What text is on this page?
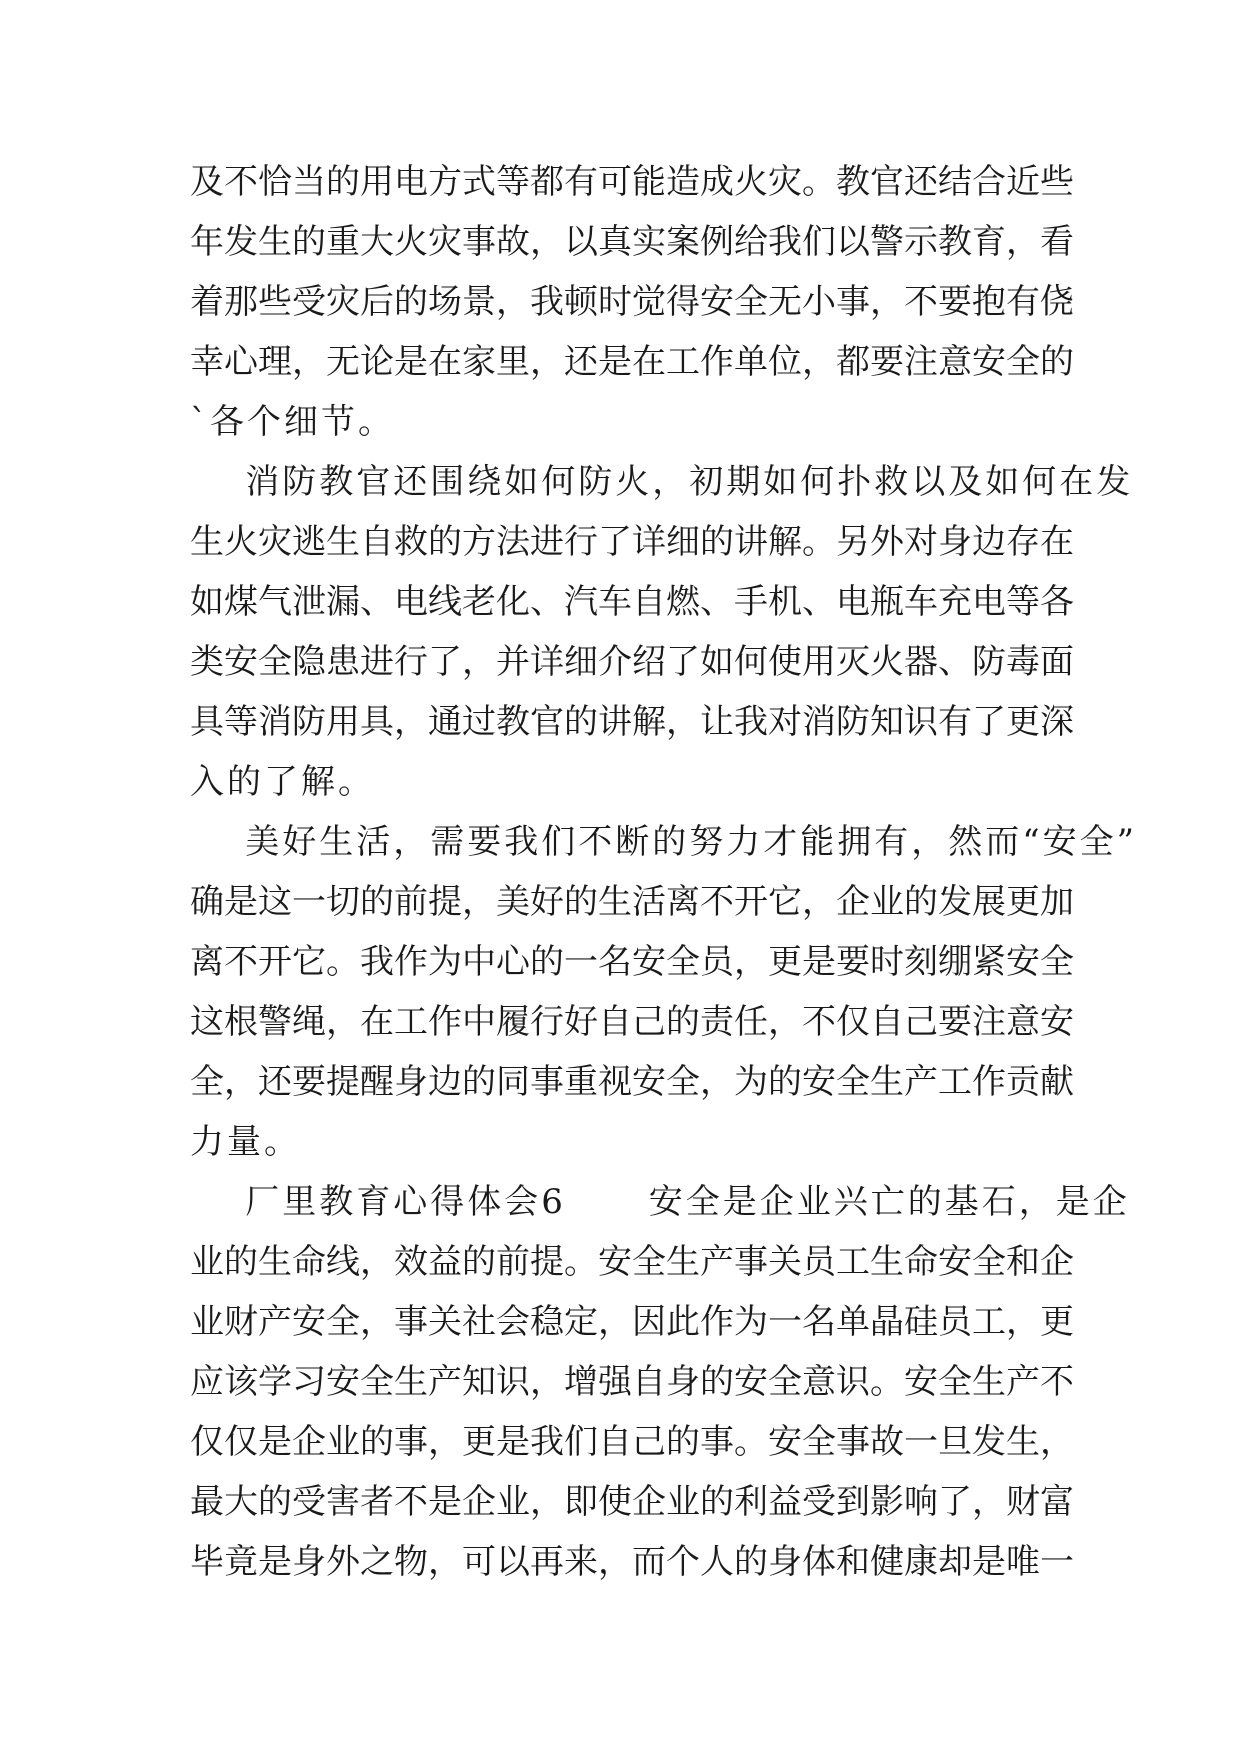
及不恰当的用电方式等都有可能造成火灾。教官还结合近些
年发生的重大火灾事故，以真实案例给我们以警示教育，看
着那些受灾后的场景，我顿时觉得安全无小事，不要抱有侥
幸心理，无论是在家里，还是在工作单位，都要注意安全的
`各个细节。
消防教官还围绕如何防火，初期如何扑救以及如何在发
生火灾逃生自救的方法进行了详细的讲解。另外对身边存在
如煤气泄漏、电线老化、汽车自燃、手机、电瓶车充电等各
类安全隐患进行了，并详细介绍了如何使用灭火器、防毒面
具等消防用具，通过教官的讲解，让我对消防知识有了更深
入的了解。
美好生活，需要我们不断的努力才能拥有，然而“安全”
确是这一切的前提，美好的生活离不开它，企业的发展更加
离不开它。我作为中心的一名安全员，更是要时刻绷紧安全
这根警绳，在工作中履行好自己的责任，不仅自己要注意安
全，还要提醒身边的同事重视安全，为的安全生产工作贡献
力量。
厂里教育心得体会6      安全是企业兴亡的基石，是企
业的生命线，效益的前提。安全生产事关员工生命安全和企
业财产安全，事关社会稳定，因此作为一名单晶硅员工，更
应该学习安全生产知识，增强自身的安全意识。安全生产不
仅仅是企业的事，更是我们自己的事。安全事故一旦发生，
最大的受害者不是企业，即使企业的利益受到影响了，财富
毕竟是身外之物，可以再来，而个人的身体和健康却是唯一
